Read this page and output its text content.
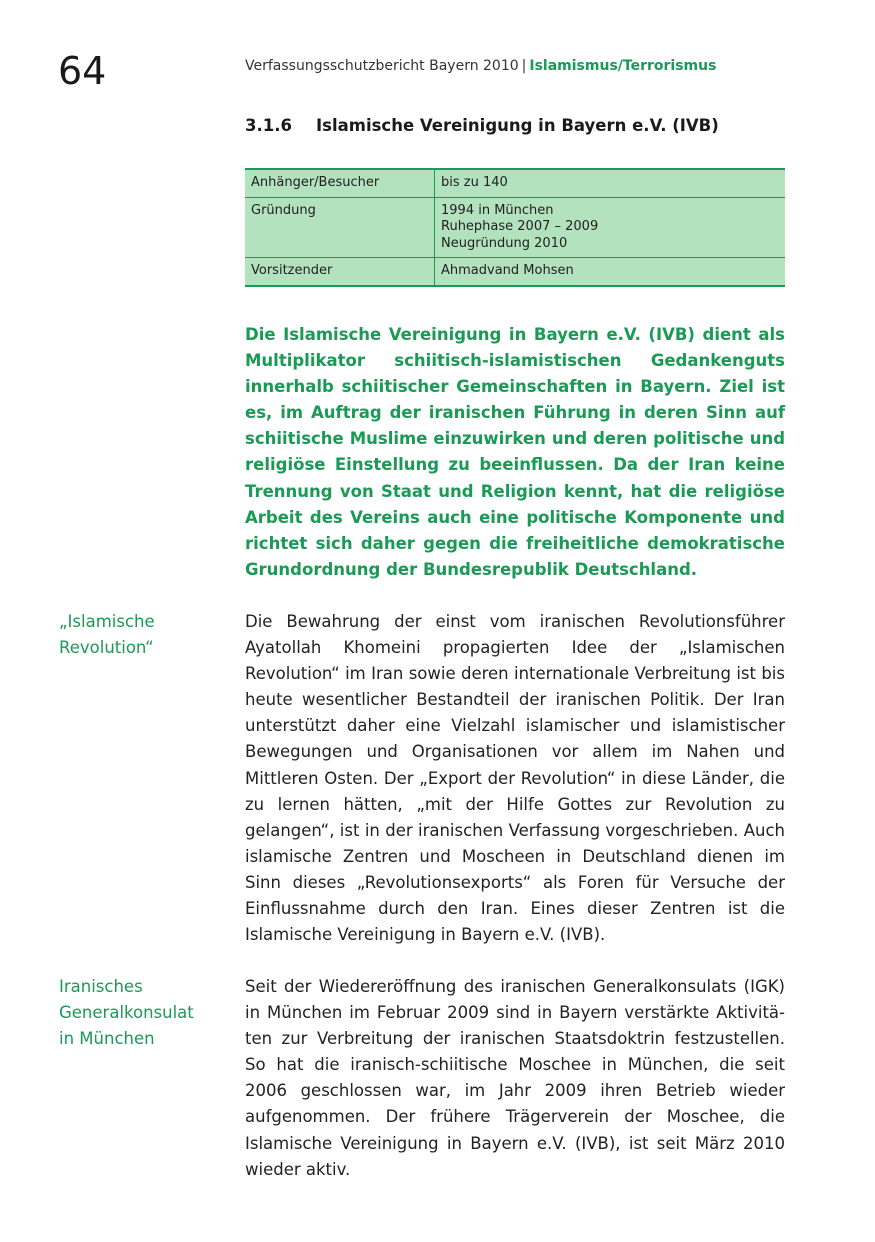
64	Verfassungsschutzbericht Bayern 2010 | Islamismus/Terrorismus
3.1.6 Islamische Vereinigung in Bayern e.V. (IVB)
Anhänger/Besucher	bis zu 140

Gründung	1994 in München
Ruhephase 2007 – 2009
Neugründung 2010

Vorsitzender	Ahmadvand Mohsen
Die Islamische Vereinigung in Bayern e.V. (IVB) dient als Multiplikator schiitisch-islamistischen Gedankenguts innerhalb schiitischer Gemeinschaften in Bayern. Ziel ist es, im Auftrag der iranischen Führung in deren Sinn auf schiitische Muslime einzuwirken und deren politische und religiöse Einstellung zu beeinflussen. Da der Iran keine Trennung von Staat und Religion kennt, hat die religiöse Arbeit des Vereins auch eine politische Komponente und richtet sich daher gegen die freiheitliche demokratische Grundordnung der Bundesrepublik Deutschland.
„Islamische
Revolution“
Die Bewahrung der einst vom iranischen Revolutionsführer Ayatollah Khomeini propagierten Idee der „Islamischen Revolution“ im Iran sowie deren internationale Verbreitung ist bis heute wesentlicher Bestandteil der iranischen Politik. Der Iran unterstützt daher eine Vielzahl islamischer und islamistischer Bewegungen und Organisationen vor allem im Nahen und Mittleren Osten. Der „Export der Revolution“ in diese Länder, die zu lernen hätten, „mit der Hilfe Gottes zur Revolution zu gelangen“, ist in der iranischen Verfassung vorgeschrieben. Auch islamische Zentren und Moscheen in Deutschland dienen im Sinn dieses „Revolutionsexports“ als Foren für Versuche der Einflussnahme durch den Iran. Eines dieser Zentren ist die Islamische Vereinigung in Bayern e.V. (IVB).
Iranisches
Generalkonsulat
in München
Seit der Wiedereröffnung des iranischen Generalkonsulats (IGK) in München im Februar 2009 sind in Bayern verstärkte Aktivitäten zur Verbreitung der iranischen Staatsdoktrin festzustellen. So hat die iranisch-schiitische Moschee in München, die seit 2006 geschlossen war, im Jahr 2009 ihren Betrieb wieder aufgenommen. Der frühere Trägerverein der Moschee, die Islamische Vereinigung in Bayern e.V. (IVB), ist seit März 2010 wieder aktiv.
